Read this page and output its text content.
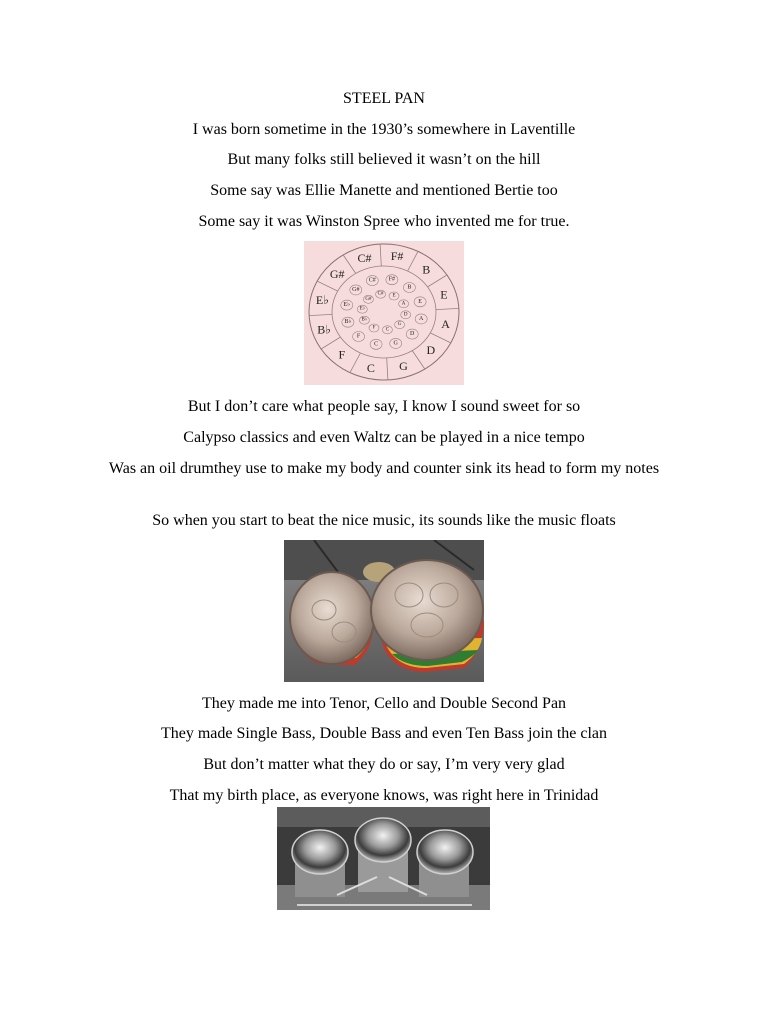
STEEL PAN
I was born sometime in the 1930’s somewhere in Laventille
But many folks still believed it wasn’t on the hill
Some say was Ellie Manette and mentioned Bertie too
Some say it was Winston Spree who invented me for true.
F#
B
E
A
D
G
C
F
B♭
E♭
G#
C#
F#
B
E
A
D
G
C
F
B♭
E♭
G#
C#
E
A
D
G
C
F
B♭
E♭
G#
C#
But I don’t care what people say, I know I sound sweet for so
Calypso classics and even Waltz can be played in a nice tempo
Was an oil drumthey use to make my body and counter sink its head to form my notes
So when you start to beat the nice music, its sounds like the music floats
They made me into Tenor, Cello and Double Second Pan
They made Single Bass, Double Bass and even Ten Bass join the clan
But don’t matter what they do or say, I’m very very glad
That my birth place, as everyone knows, was right here in Trinidad
